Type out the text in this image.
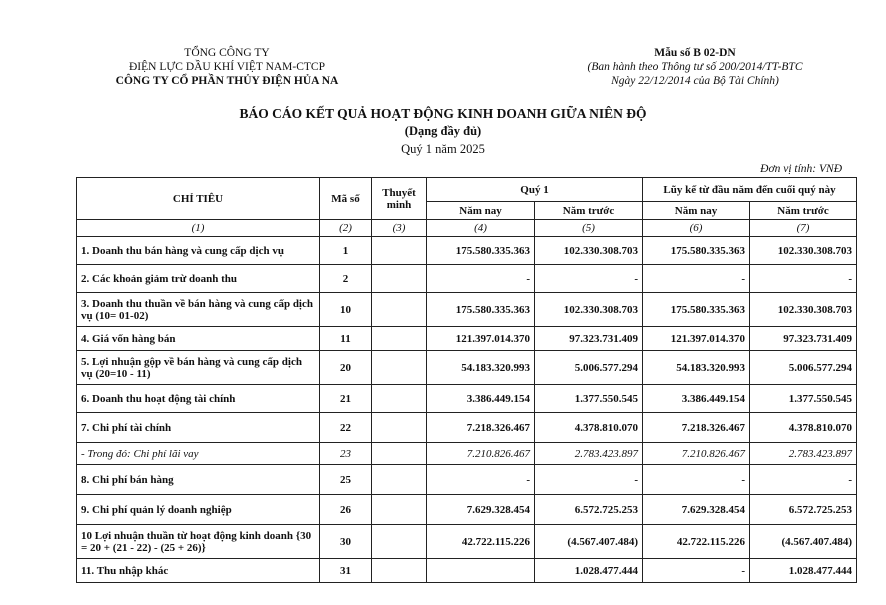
TỔNG CÔNG TY
ĐIỆN LỰC DẦU KHÍ VIỆT NAM-CTCP
CÔNG TY CỔ PHẦN THỦY ĐIỆN HỦA NA
Mẫu số B 02-DN
(Ban hành theo Thông tư số 200/2014/TT-BTC
Ngày 22/12/2014 của Bộ Tài Chính)
BÁO CÁO KẾT QUẢ HOẠT ĐỘNG KINH DOANH GIỮA NIÊN ĐỘ
(Dạng đầy đủ)
Quý 1 năm 2025
Đơn vị tính: VNĐ
CHỈ TIÊU	Mã số	Thuyết minh	Quý 1		Lũy kế từ đầu năm đến cuối quý này	
			Năm nay	Năm trước	Năm nay	Năm trước
(1)	(2)	(3)	(4)	(5)	(6)	(7)
1. Doanh thu bán hàng và cung cấp dịch vụ	1		175.580.335.363	102.330.308.703	175.580.335.363	102.330.308.703
2. Các khoản giảm trừ doanh thu	2		-	-	-	-
3. Doanh thu thuần về bán hàng và cung cấp dịch vụ (10= 01-02)	10		175.580.335.363	102.330.308.703	175.580.335.363	102.330.308.703
4. Giá vốn hàng bán	11		121.397.014.370	97.323.731.409	121.397.014.370	97.323.731.409
5. Lợi nhuận gộp về bán hàng và cung cấp dịch vụ (20=10 - 11)	20		54.183.320.993	5.006.577.294	54.183.320.993	5.006.577.294
6. Doanh thu hoạt động tài chính	21		3.386.449.154	1.377.550.545	3.386.449.154	1.377.550.545
7. Chi phí tài chính	22		7.218.326.467	4.378.810.070	7.218.326.467	4.378.810.070
- Trong đó: Chi phí lãi vay	23		7.210.826.467	2.783.423.897	7.210.826.467	2.783.423.897
8. Chi phí bán hàng	25		-	-	-	-
9. Chi phí quản lý doanh nghiệp	26		7.629.328.454	6.572.725.253	7.629.328.454	6.572.725.253
10 Lợi nhuận thuần từ hoạt động kinh doanh {30 = 20 + (21 - 22) - (25 + 26)}	30		42.722.115.226	(4.567.407.484)	42.722.115.226	(4.567.407.484)
11. Thu nhập khác	31			1.028.477.444	-	1.028.477.444
